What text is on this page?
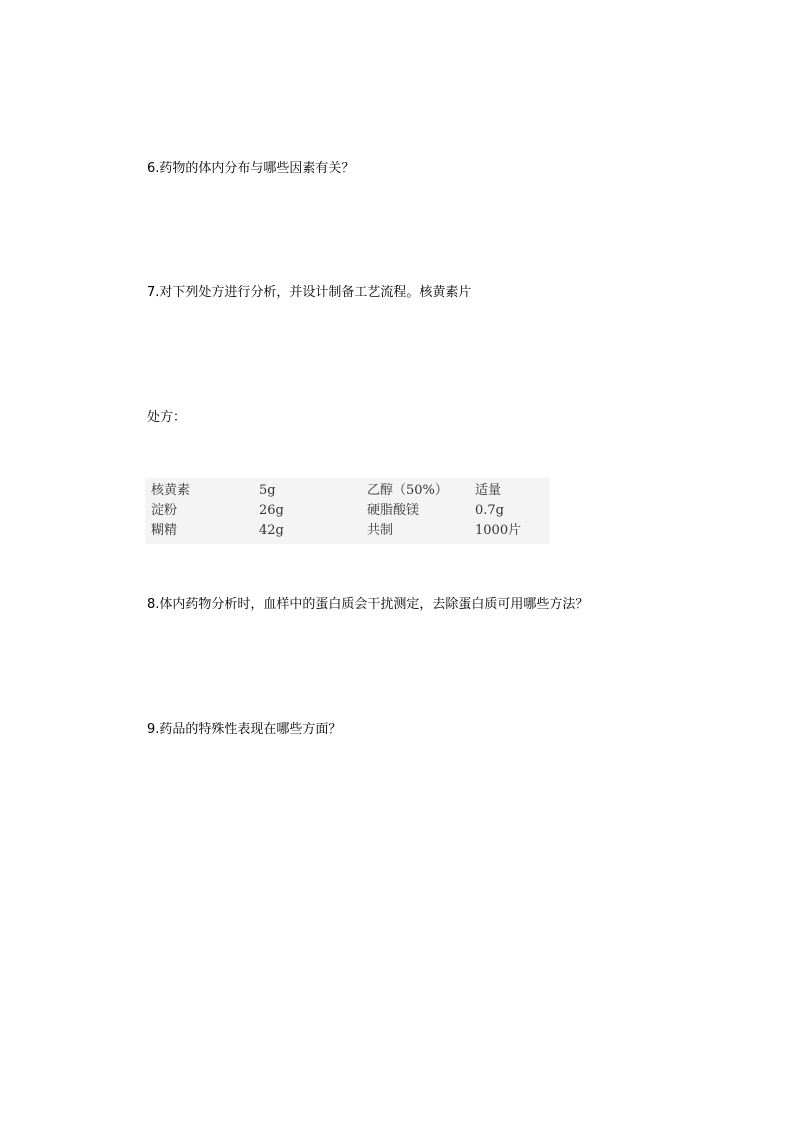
6.药物的体内分布与哪些因素有关？

7.对下列处方进行分析，并设计制备工艺流程。核黄素片

处方：

核黄素	5g	乙醇（50%） 适量
淀粉	26g	硬脂酸镁	0.7g
糊精	42g	共制	1000片

8.体内药物分析时，血样中的蛋白质会干扰测定，去除蛋白质可用哪些方法？

9.药品的特殊性表现在哪些方面？
